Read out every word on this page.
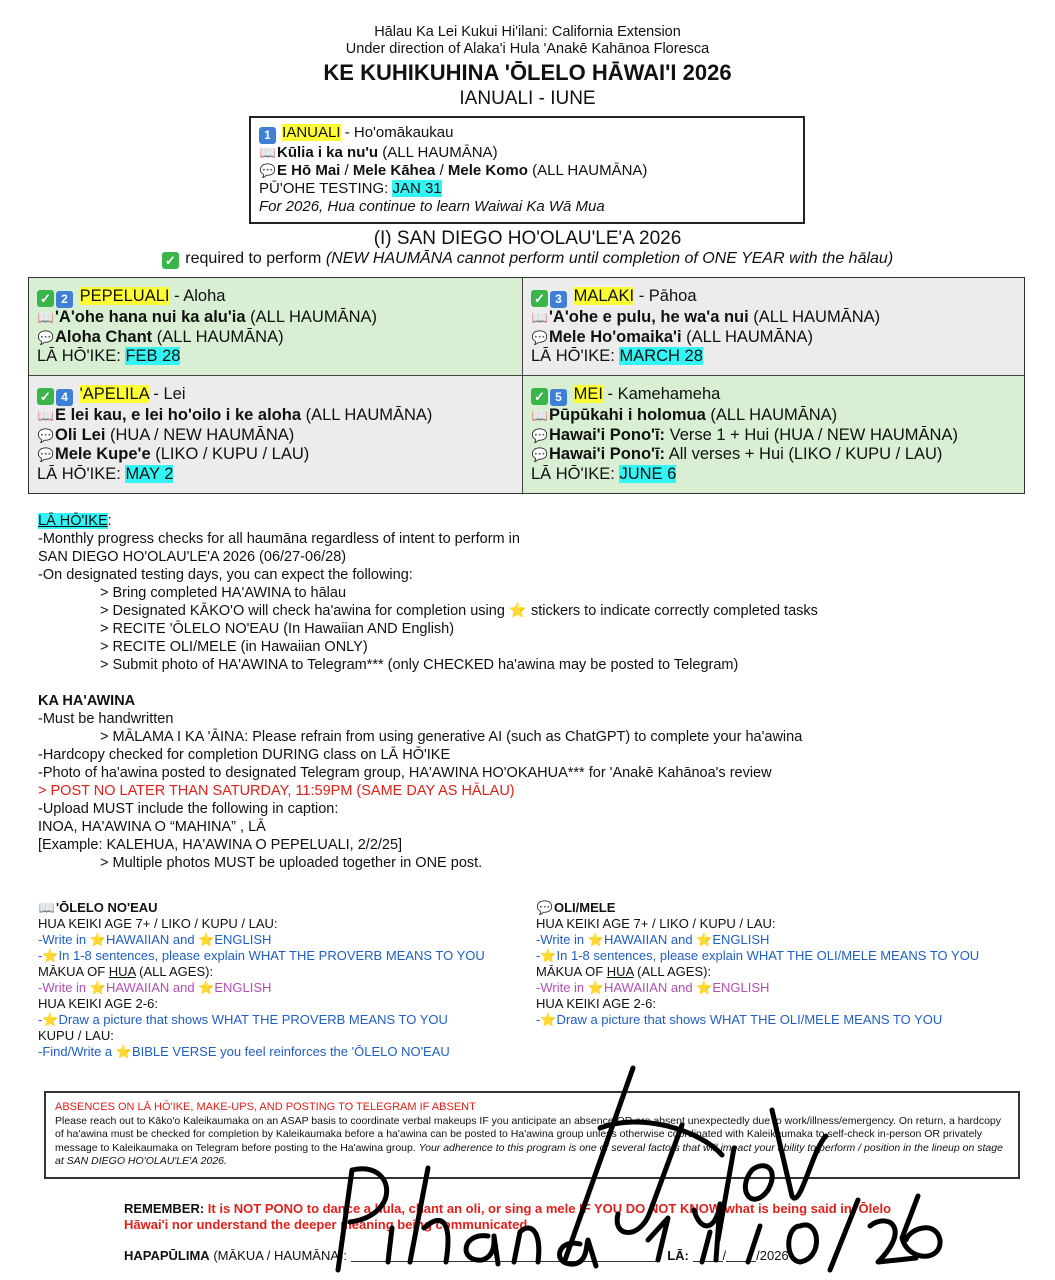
Hālau Ka Lei Kukui Hi'ilani: California Extension
Under direction of Alaka'i Hula 'Anakē Kahānoa Floresca
KE KUHIKUHINA 'ŌLELO HĀWAI'I 2026
IANUALI - IUNE
1 IANUALI - Ho'omākaukau
📖Kūlia i ka nu'u (ALL HAUMĀNA)
💬E Hō Mai / Mele Kāhea / Mele Komo (ALL HAUMĀNA)
PŪ'OHE TESTING: JAN 31
For 2026, Hua continue to learn Waiwai Ka Wā Mua
(I) SAN DIEGO HO'OLAU'LE'A 2026
✓ required to perform (NEW HAUMĀNA cannot perform until completion of ONE YEAR with the hālau)
✓ 2 PEPELUALI - Aloha
📖'A'ohe hana nui ka alu'ia (ALL HAUMĀNA)
💬Aloha Chant (ALL HAUMĀNA)
LĀ HŌ'IKE: FEB 28
✓ 3 MALAKI - Pāhoa
📖'A'ohe e pulu, he wa'a nui (ALL HAUMĀNA)
💬Mele Ho'omaika'i (ALL HAUMĀNA)
LĀ HŌ'IKE: MARCH 28
✓ 4 'APELILA - Lei
📖E lei kau, e lei ho'oilo i ke aloha (ALL HAUMĀNA)
💬Oli Lei (HUA / NEW HAUMĀNA)
💬Mele Kupe'e (LIKO / KUPU / LAU)
LĀ HŌ'IKE: MAY 2
✓ 5 MEI - Kamehameha
📖Pūpūkahi i holomua (ALL HAUMĀNA)
💬Hawai'i Pono'ī: Verse 1 + Hui (HUA / NEW HAUMĀNA)
💬Hawai'i Pono'ī: All verses + Hui (LIKO / KUPU / LAU)
LĀ HŌ'IKE: JUNE 6
LĀ HŌ'IKE:
-Monthly progress checks for all haumāna regardless of intent to perform in
SAN DIEGO HO'OLAU'LE'A 2026 (06/27-06/28)
-On designated testing days, you can expect the following:
> Bring completed HA'AWINA to hālau
> Designated KĀKO'O will check ha'awina for completion using ⭐ stickers to indicate correctly completed tasks
> RECITE 'ŌLELO NO'EAU (In Hawaiian AND English)
> RECITE OLI/MELE (in Hawaiian ONLY)
> Submit photo of HA'AWINA to Telegram*** (only CHECKED ha'awina may be posted to Telegram)
KA HA'AWINA
-Must be handwritten
> MĀLAMA I KA 'ĀINA: Please refrain from using generative AI (such as ChatGPT) to complete your ha'awina
-Hardcopy checked for completion DURING class on LĀ HŌ'IKE
-Photo of ha'awina posted to designated Telegram group, HA'AWINA HO'OKAHUA*** for 'Anakē Kahānoa's review
> POST NO LATER THAN SATURDAY, 11:59PM (SAME DAY AS HĀLAU)
-Upload MUST include the following in caption:
INOA, HA'AWINA O “MAHINA” , LĀ
[Example: KALEHUA, HA'AWINA O PEPELUALI, 2/2/25]
> Multiple photos MUST be uploaded together in ONE post.
📖'ŌLELO NO'EAU
HUA KEIKI AGE 7+ / LIKO / KUPU / LAU:
-Write in ⭐HAWAIIAN and ⭐ENGLISH
-⭐In 1-8 sentences, please explain WHAT THE PROVERB MEANS TO YOU
MĀKUA OF HUA (ALL AGES):
-Write in ⭐HAWAIIAN and ⭐ENGLISH
HUA KEIKI AGE 2-6:
-⭐Draw a picture that shows WHAT THE PROVERB MEANS TO YOU
KUPU / LAU:
-Find/Write a ⭐BIBLE VERSE you feel reinforces the 'ŌLELO NO'EAU
💬OLI/MELE
HUA KEIKI AGE 7+ / LIKO / KUPU / LAU:
-Write in ⭐HAWAIIAN and ⭐ENGLISH
-⭐In 1-8 sentences, please explain WHAT THE OLI/MELE MEANS TO YOU
MĀKUA OF HUA (ALL AGES):
-Write in ⭐HAWAIIAN and ⭐ENGLISH
HUA KEIKI AGE 2-6:
-⭐Draw a picture that shows WHAT THE OLI/MELE MEANS TO YOU
ABSENCES ON LĀ HŌ'IKE, MAKE-UPS, AND POSTING TO TELEGRAM IF ABSENT
Please reach out to Kāko'o Kaleikaumaka on an ASAP basis to coordinate verbal makeups IF you anticipate an absence OR are absent unexpectedly due to work/illness/emergency. On return, a hardcopy of ha'awina must be checked for completion by Kaleikaumaka before a ha'awina can be posted to Ha'awina group unless otherwise coordinated with Kaleikaumaka to self-check in-person OR privately message to Kaleikaumaka on Telegram before posting to the Ha'awina group. Your adherence to this program is one of several factors that will impact your ability to perform / position in the lineup on stage at SAN DIEGO HO'OLAU'LE'A 2026.
REMEMBER: It is NOT PONO to dance a hula, chant an oli, or sing a mele IF YOU DO NOT KNOW what is being said in 'Ōlelo Hāwai'i nor understand the deeper meaning being communicated.
HAPAPŪLIMA (MĀKUA / HAUMĀNA):	LĀ:	/ /2026
